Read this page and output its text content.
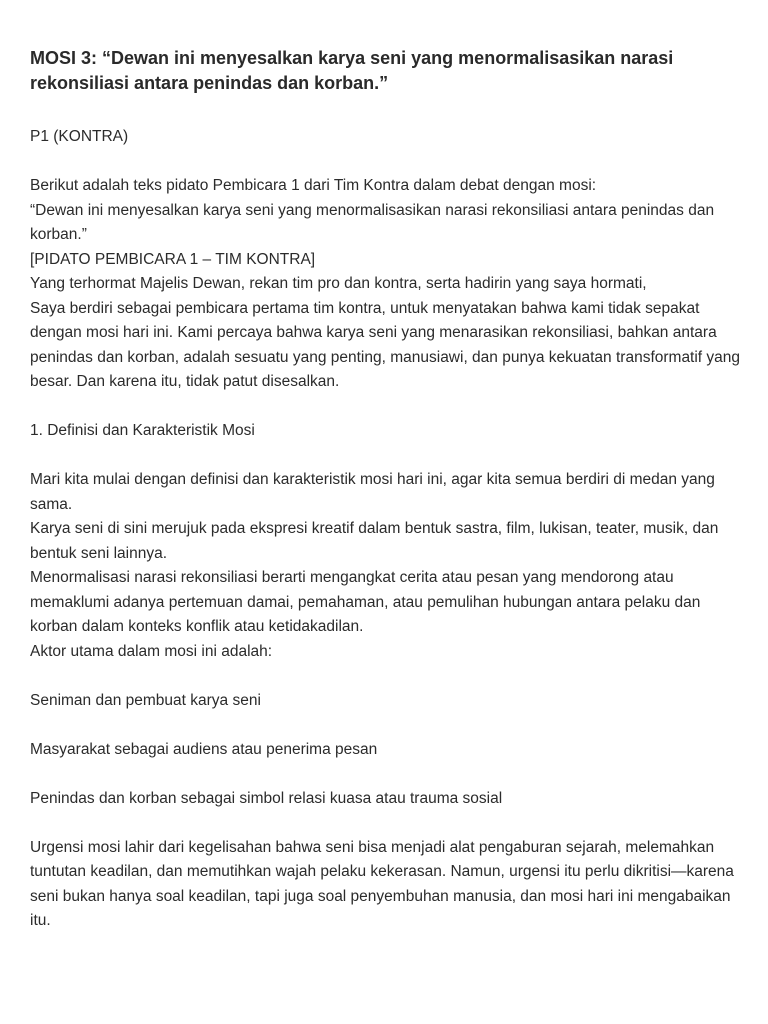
MOSI 3: “Dewan ini menyesalkan karya seni yang menormalisasikan narasi rekonsiliasi antara penindas dan korban.”
P1 (KONTRA)
Berikut adalah teks pidato Pembicara 1 dari Tim Kontra dalam debat dengan mosi:
“Dewan ini menyesalkan karya seni yang menormalisasikan narasi rekonsiliasi antara penindas dan korban.”
[PIDATO PEMBICARA 1 – TIM KONTRA]
Yang terhormat Majelis Dewan, rekan tim pro dan kontra, serta hadirin yang saya hormati,
Saya berdiri sebagai pembicara pertama tim kontra, untuk menyatakan bahwa kami tidak sepakat dengan mosi hari ini. Kami percaya bahwa karya seni yang menarasikan rekonsiliasi, bahkan antara penindas dan korban, adalah sesuatu yang penting, manusiawi, dan punya kekuatan transformatif yang besar. Dan karena itu, tidak patut disesalkan.
1. Definisi dan Karakteristik Mosi
Mari kita mulai dengan definisi dan karakteristik mosi hari ini, agar kita semua berdiri di medan yang sama.
Karya seni di sini merujuk pada ekspresi kreatif dalam bentuk sastra, film, lukisan, teater, musik, dan bentuk seni lainnya.
Menormalisasi narasi rekonsiliasi berarti mengangkat cerita atau pesan yang mendorong atau memaklumi adanya pertemuan damai, pemahaman, atau pemulihan hubungan antara pelaku dan korban dalam konteks konflik atau ketidakadilan.
Aktor utama dalam mosi ini adalah:
Seniman dan pembuat karya seni
Masyarakat sebagai audiens atau penerima pesan
Penindas dan korban sebagai simbol relasi kuasa atau trauma sosial
Urgensi mosi lahir dari kegelisahan bahwa seni bisa menjadi alat pengaburan sejarah, melemahkan tuntutan keadilan, dan memutihkan wajah pelaku kekerasan. Namun, urgensi itu perlu dikritisi—karena seni bukan hanya soal keadilan, tapi juga soal penyembuhan manusia, dan mosi hari ini mengabaikan itu.
